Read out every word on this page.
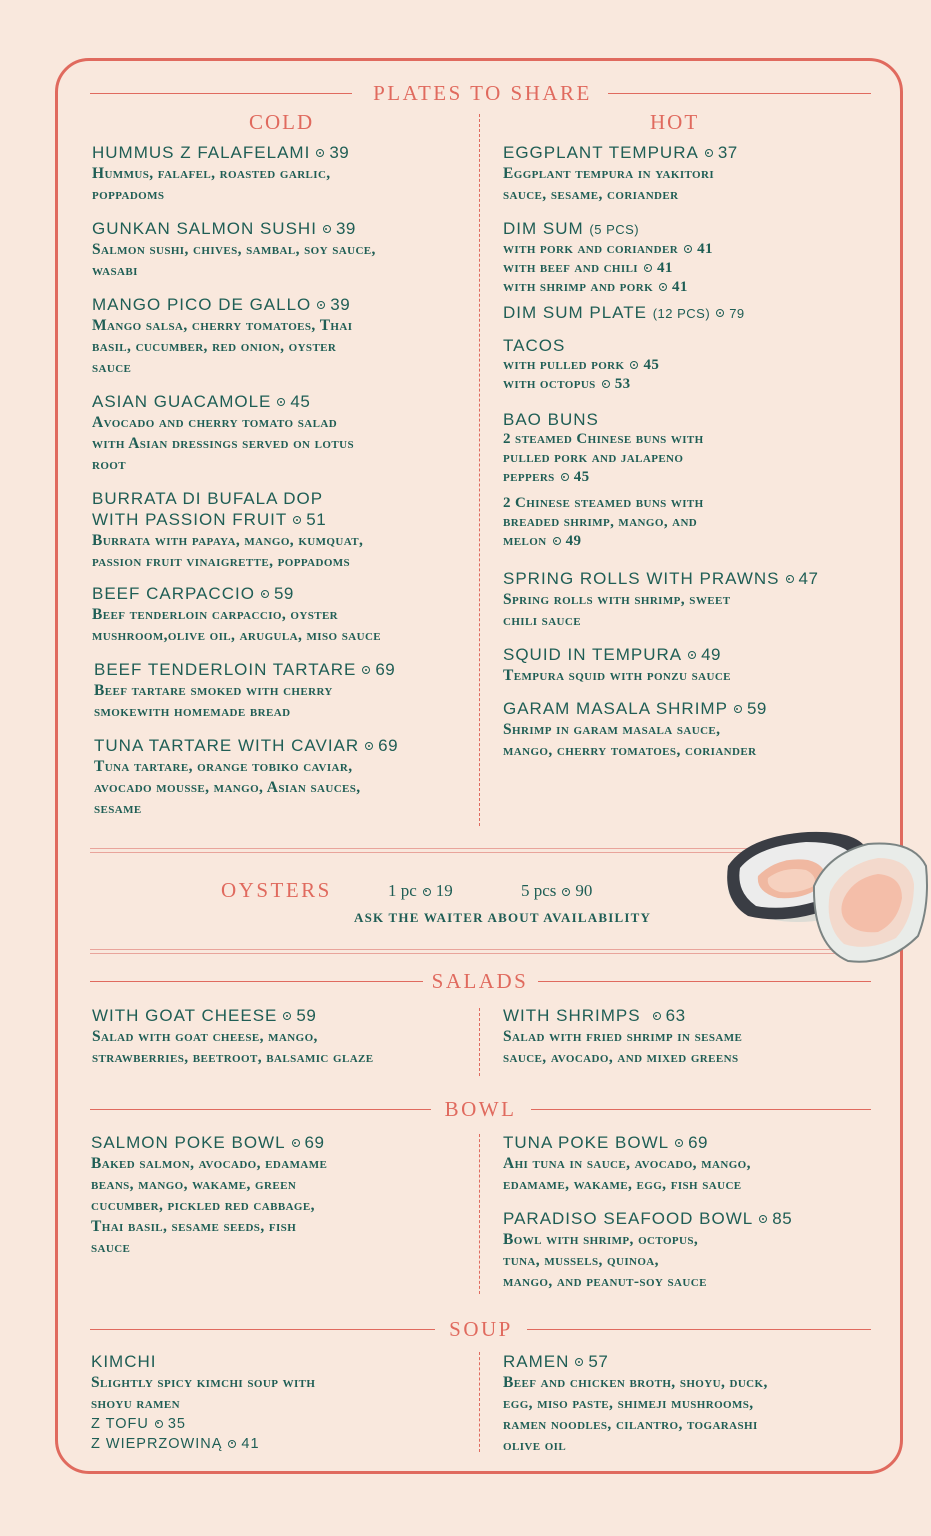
PLATES TO SHARE
COLD	HOT
HUMMUS Z FALAFELAMI 39
Hummus, falafel, roasted garlic,
poppadoms
GUNKAN SALMON SUSHI 39
Salmon sushi, chives, sambal, soy sauce,
wasabi
MANGO PICO DE GALLO 39
Mango salsa, cherry tomatoes, Thai
basil, cucumber, red onion, oyster
sauce
ASIAN GUACAMOLE 45
Avocado and cherry tomato salad
with Asian dressings served on lotus
root
BURRATA DI BUFALA DOP
WITH PASSION FRUIT 51
Burrata with papaya, mango, kumquat,
passion fruit vinaigrette, poppadoms
BEEF CARPACCIO 59
Beef tenderloin carpaccio, oyster
mushroom,olive oil, arugula, miso sauce
BEEF TENDERLOIN TARTARE 69
Beef tartare smoked with cherry
smokewith homemade bread
TUNA TARTARE WITH CAVIAR 69
Tuna tartare, orange tobiko caviar,
avocado mousse, mango, Asian sauces,
sesame
EGGPLANT TEMPURA 37
Eggplant tempura in yakitori
sauce, sesame, coriander
DIM SUM (5 PCS)
with pork and coriander 41
with beef and chili 41
with shrimp and pork 41
DIM SUM PLATE (12 PCS) 79
TACOS
with pulled pork 45
with octopus 53
BAO BUNS
2 steamed Chinese buns with
pulled pork and jalapeno
peppers 45
2 Chinese steamed buns with
breaded shrimp, mango, and
melon 49
SPRING ROLLS WITH PRAWNS 47
Spring rolls with shrimp, sweet
chili sauce
SQUID IN TEMPURA 49
Tempura squid with ponzu sauce
GARAM MASALA SHRIMP 59
Shrimp in garam masala sauce,
mango, cherry tomatoes, coriander
OYSTERS	1 pc 19	5 pcs 90
ASK THE WAITER ABOUT AVAILABILITY
SALADS
WITH GOAT CHEESE 59
Salad with goat cheese, mango,
strawberries, beetroot, balsamic glaze
WITH SHRIMPS 63
Salad with fried shrimp in sesame
sauce, avocado, and mixed greens
BOWL
SALMON POKE BOWL 69
Baked salmon, avocado, edamame
beans, mango, wakame, green
cucumber, pickled red cabbage,
Thai basil, sesame seeds, fish
sauce
TUNA POKE BOWL 69
Ahi tuna in sauce, avocado, mango,
edamame, wakame, egg, fish sauce
PARADISO SEAFOOD BOWL 85
Bowl with shrimp, octopus,
tuna, mussels, quinoa,
mango, and peanut-soy sauce
SOUP
KIMCHI
Slightly spicy kimchi soup with
shoyu ramen
Z TOFU 35
Z WIEPRZOWINĄ 41
RAMEN 57
Beef and chicken broth, shoyu, duck,
egg, miso paste, shimeji mushrooms,
ramen noodles, cilantro, togarashi
olive oil
